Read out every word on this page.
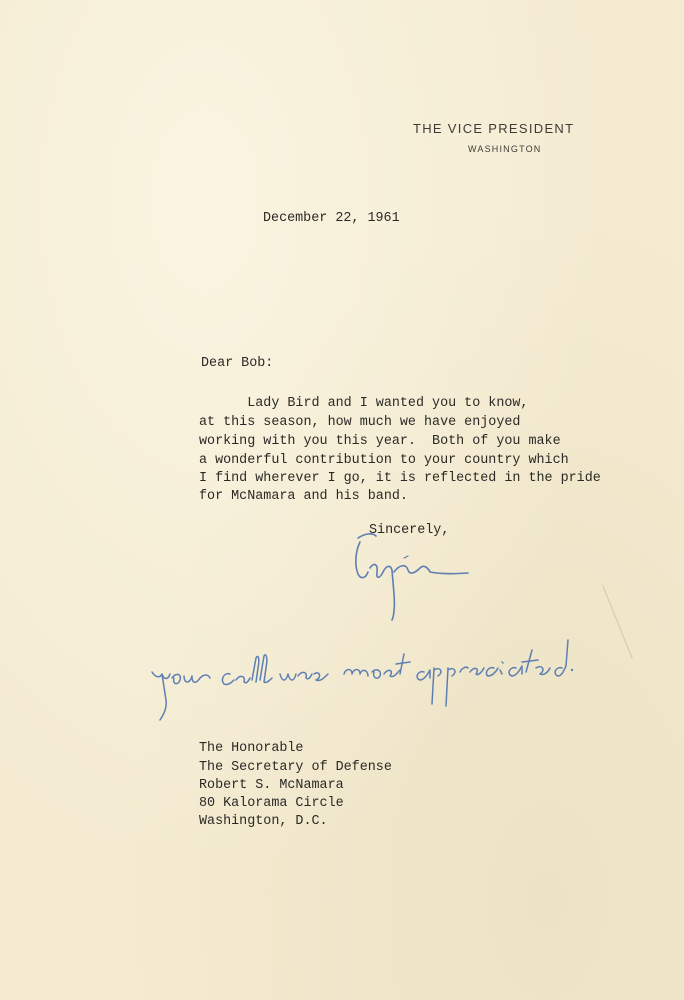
THE VICE PRESIDENT
WASHINGTON
December 22, 1961
Dear Bob:
Lady Bird and I wanted you to know,
at this season, how much we have enjoyed
working with you this year.  Both of you make
a wonderful contribution to your country which
I find wherever I go, it is reflected in the pride
for McNamara and his band.
Sincerely,
The Honorable
The Secretary of Defense
Robert S. McNamara
80 Kalorama Circle
Washington, D.C.
